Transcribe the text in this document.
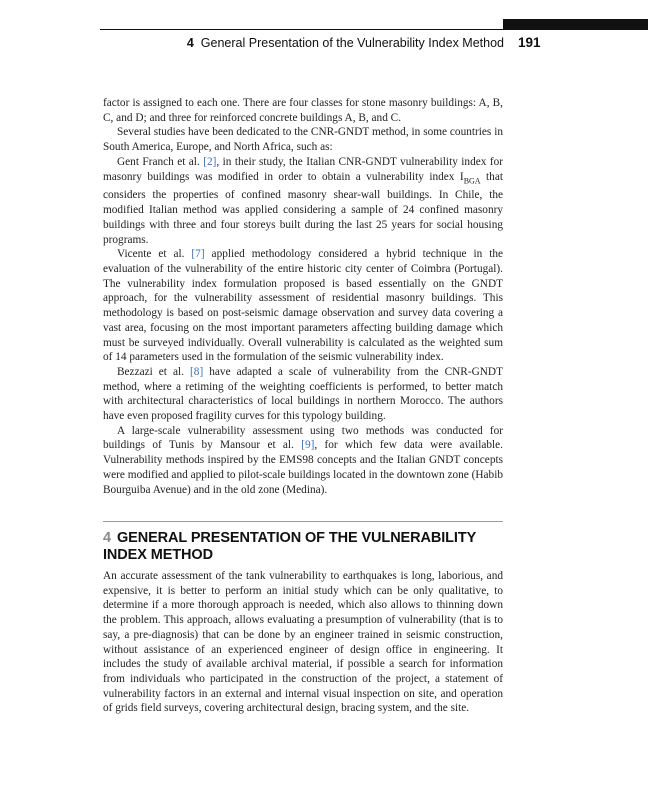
4 General Presentation of the Vulnerability Index Method 191

factor is assigned to each one. There are four classes for stone masonry buildings: A, B, C, and D; and three for reinforced concrete buildings A, B, and C.

Several studies have been dedicated to the CNR-GNDT method, in some countries in South America, Europe, and North Africa, such as:

Gent Franch et al. [2], in their study, the Italian CNR-GNDT vulnerability index for masonry buildings was modified in order to obtain a vulnerability index $I_{BGA}$ that considers the properties of confined masonry shear-wall buildings. In Chile, the modified Italian method was applied considering a sample of 24 confined masonry buildings with three and four storeys built during the last 25 years for social housing programs.

Vicente et al. [7] applied methodology considered a hybrid technique in the evaluation of the vulnerability of the entire historic city center of Coimbra (Portugal). The vulnerability index formulation proposed is based essentially on the GNDT approach, for the vulnerability assessment of residential masonry buildings. This methodology is based on post-seismic damage observation and survey data covering a vast area, focusing on the most important parameters affecting building damage which must be surveyed individually. Overall vulnerability is calculated as the weighted sum of 14 parameters used in the formulation of the seismic vulnerability index.

Bezzazi et al. [8] have adapted a scale of vulnerability from the CNR-GNDT method, where a retiming of the weighting coefficients is performed, to better match with architectural characteristics of local buildings in northern Morocco. The authors have even proposed fragility curves for this typology building.

A large-scale vulnerability assessment using two methods was conducted for buildings of Tunis by Mansour et al. [9], for which few data were available. Vulnerability methods inspired by the EMS98 concepts and the Italian GNDT concepts were modified and applied to pilot-scale buildings located in the downtown zone (Habib Bourguiba Avenue) and in the old zone (Medina).

4 GENERAL PRESENTATION OF THE VULNERABILITY INDEX METHOD

An accurate assessment of the tank vulnerability to earthquakes is long, laborious, and expensive, it is better to perform an initial study which can be only qualitative, to determine if a more thorough approach is needed, which also allows to thinning down the problem. This approach, allows evaluating a presumption of vulnerability (that is to say, a pre-diagnosis) that can be done by an engineer trained in seismic construction, without assistance of an experienced engineer of design office in engineering. It includes the study of available archival material, if possible a search for information from individuals who participated in the construction of the project, a statement of vulnerability factors in an external and internal visual inspection on site, and operation of grids field surveys, covering architectural design, bracing system, and the site.
